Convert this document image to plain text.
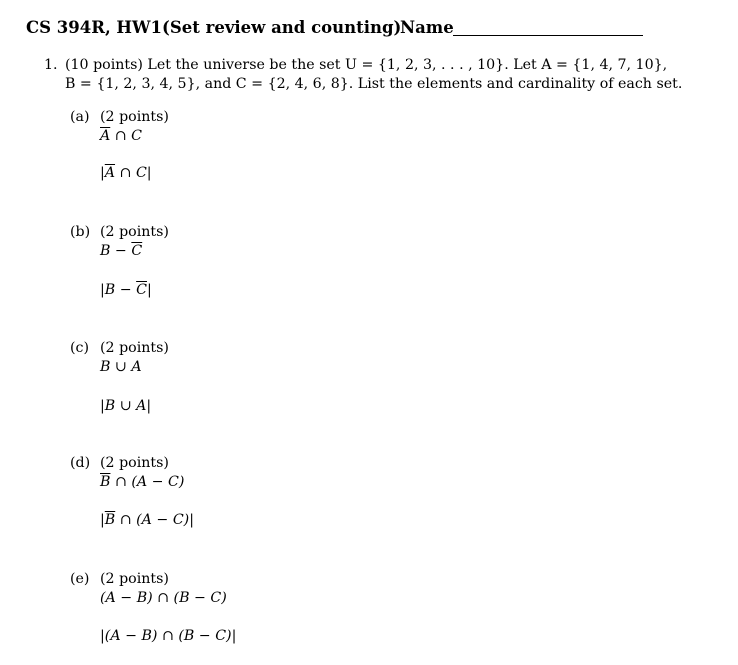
CS 394R, HW1(Set review and counting)
Name
1. (10 points) Let the universe be the set U = {1, 2, 3, . . . , 10}. Let A = {1, 4, 7, 10},
B = {1, 2, 3, 4, 5}, and C = {2, 4, 6, 8}. List the elements and cardinality of each set.
(a) (2 points)
$\overline{A}$ ∩ C
$|\overline{A}$ ∩ C|
(b) (2 points)
$B - \overline{C}$
$|B - \overline{C}|$
(c) (2 points)
B ∪ A
|B ∪ A|
(d) (2 points)
$\overline{B}$ ∩ (A − C)
$|\overline{B}$ ∩ (A − C)|
(e) (2 points)
(A − B) ∩ (B − C)
|(A − B) ∩ (B − C)|
